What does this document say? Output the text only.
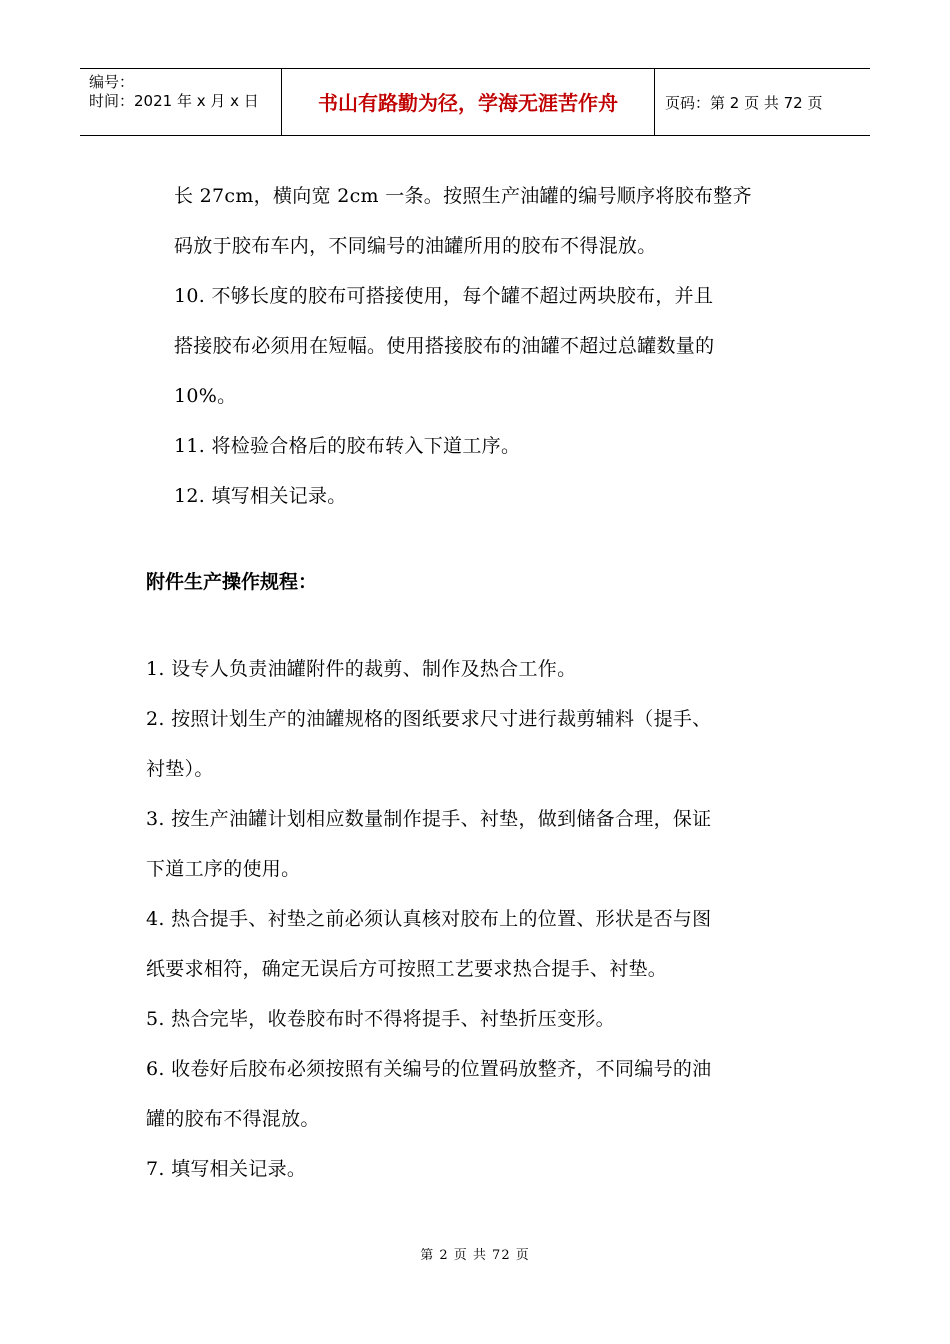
编号：
时间：2021 年 x 月 x 日	书山有路勤为径，学海无涯苦作舟	页码：第 2 页 共 72 页
长 27cm，横向宽 2cm 一条。按照生产油罐的编号顺序将胶布整齐
码放于胶布车内，不同编号的油罐所用的胶布不得混放。
10. 不够长度的胶布可搭接使用，每个罐不超过两块胶布，并且
搭接胶布必须用在短幅。使用搭接胶布的油罐不超过总罐数量的
10%。
11. 将检验合格后的胶布转入下道工序。
12. 填写相关记录。
附件生产操作规程：
1. 设专人负责油罐附件的裁剪、制作及热合工作。
2. 按照计划生产的油罐规格的图纸要求尺寸进行裁剪辅料（提手、
衬垫）。
3. 按生产油罐计划相应数量制作提手、衬垫，做到储备合理，保证
下道工序的使用。
4. 热合提手、衬垫之前必须认真核对胶布上的位置、形状是否与图
纸要求相符，确定无误后方可按照工艺要求热合提手、衬垫。
5. 热合完毕，收卷胶布时不得将提手、衬垫折压变形。
6. 收卷好后胶布必须按照有关编号的位置码放整齐，不同编号的油
罐的胶布不得混放。
7. 填写相关记录。
第 2 页 共 72 页
